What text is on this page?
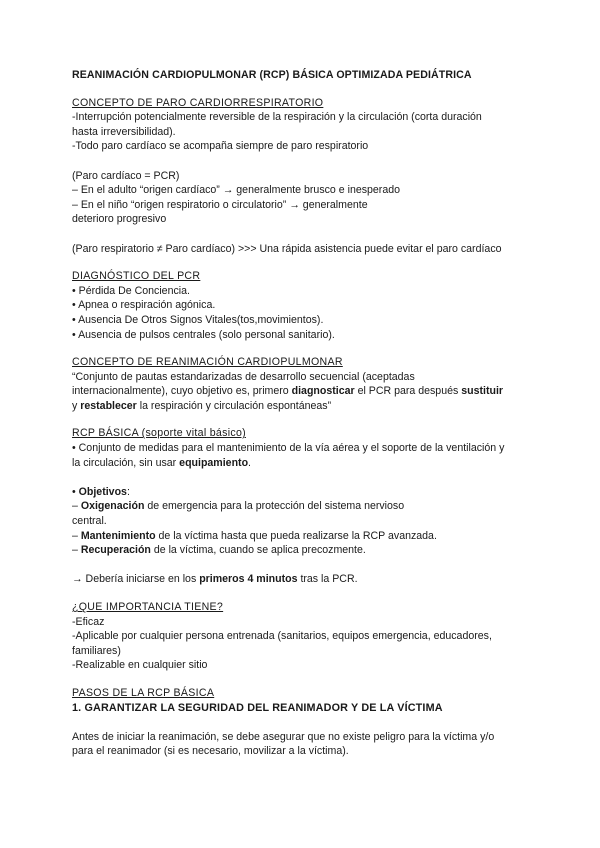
REANIMACIÓN CARDIOPULMONAR (RCP) BÁSICA OPTIMIZADA PEDIÁTRICA
CONCEPTO DE PARO CARDIORRESPIRATORIO
-Interrupción potencialmente reversible de la respiración y la circulación (corta duración
hasta irreversibilidad).
-Todo paro cardíaco se acompaña siempre de paro respiratorio
(Paro cardíaco = PCR)
– En el adulto “origen cardíaco” → generalmente brusco e inesperado
– En el niño “origen respiratorio o circulatorio” → generalmente
deterioro progresivo
(Paro respiratorio ≠ Paro cardíaco) >>> Una rápida asistencia puede evitar el paro cardíaco
DIAGNÓSTICO DEL PCR
• Pérdida De Conciencia.
• Apnea o respiración agónica.
• Ausencia De Otros Signos Vitales(tos,movimientos).
• Ausencia de pulsos centrales (solo personal sanitario).
CONCEPTO DE REANIMACIÓN CARDIOPULMONAR
“Conjunto de pautas estandarizadas de desarrollo secuencial (aceptadas
internacionalmente), cuyo objetivo es, primero diagnosticar el PCR para después sustituir
y restablecer la respiración y circulación espontáneas”
RCP BÁSICA (soporte vital básico)
• Conjunto de medidas para el mantenimiento de la vía aérea y el soporte de la ventilación y
la circulación, sin usar equipamiento.
• Objetivos:
– Oxigenación de emergencia para la protección del sistema nervioso
central.
– Mantenimiento de la víctima hasta que pueda realizarse la RCP avanzada.
– Recuperación de la víctima, cuando se aplica precozmente.
→ Debería iniciarse en los primeros 4 minutos tras la PCR.
¿QUE IMPORTANCIA TIENE?
-Eficaz
-Aplicable por cualquier persona entrenada (sanitarios, equipos emergencia, educadores,
familiares)
-Realizable en cualquier sitio
PASOS DE LA RCP BÁSICA
1. GARANTIZAR LA SEGURIDAD DEL REANIMADOR Y DE LA VÍCTIMA
Antes de iniciar la reanimación, se debe asegurar que no existe peligro para la víctima y/o
para el reanimador (si es necesario, movilizar a la víctima).
